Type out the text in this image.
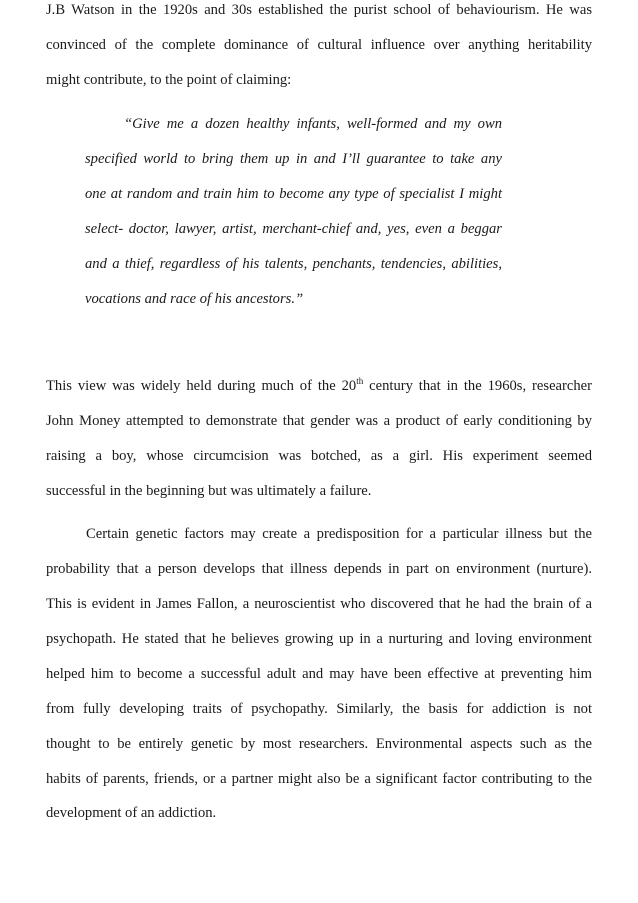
J.B Watson in the 1920s and 30s established the purist school of behaviourism. He was
convinced of the complete dominance of cultural influence over anything heritability
might contribute, to the point of claiming:
“Give me a dozen healthy infants, well-formed and my own
specified world to bring them up in and I’ll guarantee to take any
one at random and train him to become any type of specialist I might
select- doctor, lawyer, artist, merchant-chief and, yes, even a beggar
and a thief, regardless of his talents, penchants, tendencies, abilities,
vocations and race of his ancestors.”
This view was widely held during much of the 20th century that in the 1960s, researcher
John Money attempted to demonstrate that gender was a product of early conditioning by
raising a boy, whose circumcision was botched, as a girl. His experiment seemed
successful in the beginning but was ultimately a failure.
Certain genetic factors may create a predisposition for a particular illness but the
probability that a person develops that illness depends in part on environment (nurture).
This is evident in James Fallon, a neuroscientist who discovered that he had the brain of a
psychopath. He stated that he believes growing up in a nurturing and loving environment
helped him to become a successful adult and may have been effective at preventing him
from fully developing traits of psychopathy. Similarly, the basis for addiction is not
thought to be entirely genetic by most researchers. Environmental aspects such as the
habits of parents, friends, or a partner might also be a significant factor contributing to the
development of an addiction.
